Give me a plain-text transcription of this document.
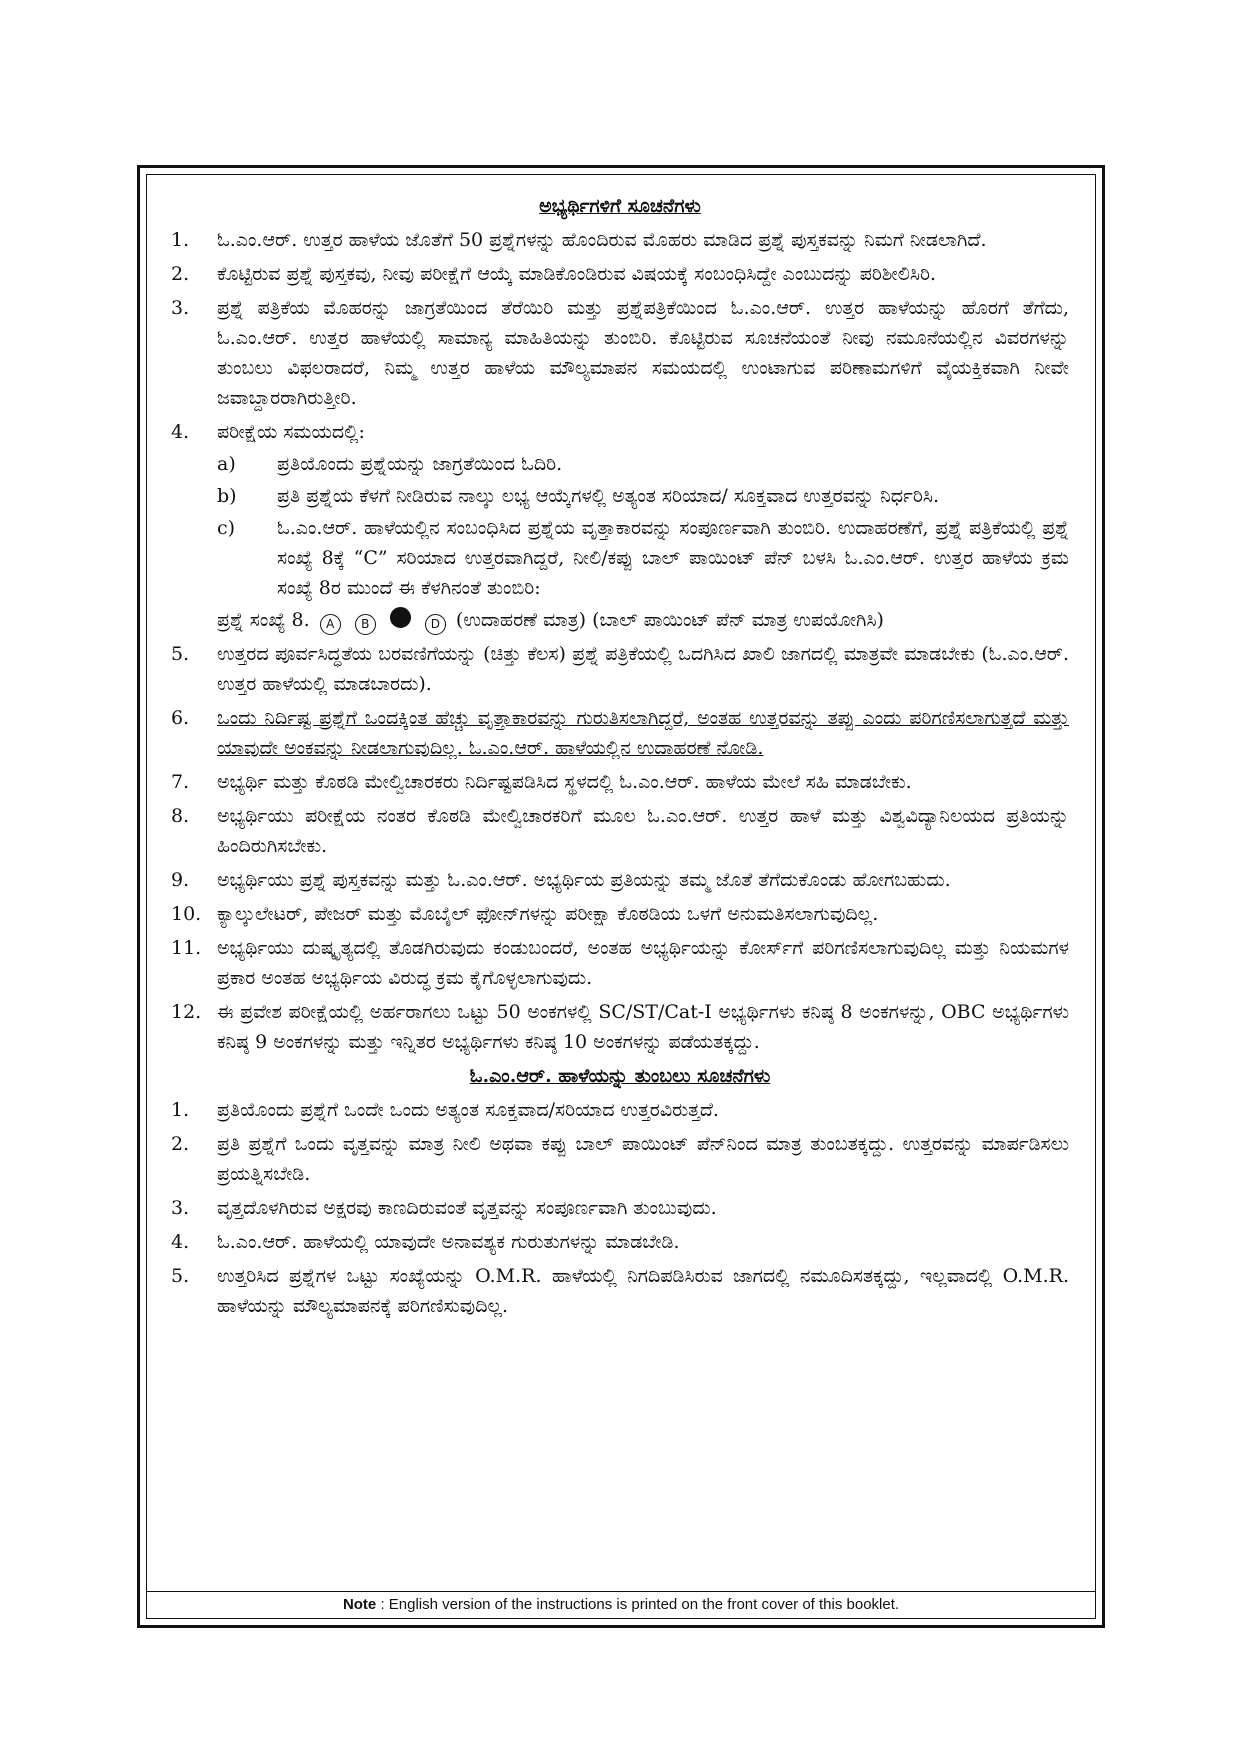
ಅಭ್ಯರ್ಥಿಗಳಿಗೆ ಸೂಚನೆಗಳು
1. ಓ.ಎಂ.ಆರ್. ಉತ್ತರ ಹಾಳೆಯ ಜೊತೆಗೆ 50 ಪ್ರಶ್ನೆಗಳನ್ನು ಹೊಂದಿರುವ ಮೊಹರು ಮಾಡಿದ ಪ್ರಶ್ನೆ ಪುಸ್ತಕವನ್ನು ನಿಮಗೆ ನೀಡಲಾಗಿದೆ.
2. ಕೊಟ್ಟಿರುವ ಪ್ರಶ್ನೆ ಪುಸ್ತಕವು, ನೀವು ಪರೀಕ್ಷೆಗೆ ಆಯ್ಕೆ ಮಾಡಿಕೊಂಡಿರುವ ವಿಷಯಕ್ಕೆ ಸಂಬಂಧಿಸಿದ್ದೇ ಎಂಬುದನ್ನು ಪರಿಶೀಲಿಸಿರಿ.
3. ಪ್ರಶ್ನೆ ಪತ್ರಿಕೆಯ ಮೊಹರನ್ನು ಜಾಗ್ರತೆಯಿಂದ ತೆರೆಯಿರಿ ಮತ್ತು ಪ್ರಶ್ನೆಪತ್ರಿಕೆಯಿಂದ ಓ.ಎಂ.ಆರ್. ಉತ್ತರ ಹಾಳೆಯನ್ನು ಹೊರಗೆ ತೆಗೆದು, ಓ.ಎಂ.ಆರ್. ಉತ್ತರ ಹಾಳೆಯಲ್ಲಿ ಸಾಮಾನ್ಯ ಮಾಹಿತಿಯನ್ನು ತುಂಬಿರಿ. ಕೊಟ್ಟಿರುವ ಸೂಚನೆಯಂತೆ ನೀವು ನಮೂನೆಯಲ್ಲಿನ ವಿವರಗಳನ್ನು ತುಂಬಲು ವಿಫಲರಾದರೆ, ನಿಮ್ಮ ಉತ್ತರ ಹಾಳೆಯ ಮೌಲ್ಯಮಾಪನ ಸಮಯದಲ್ಲಿ ಉಂಟಾಗುವ ಪರಿಣಾಮಗಳಿಗೆ ವೈಯಕ್ತಿಕವಾಗಿ ನೀವೇ ಜವಾಬ್ದಾರರಾಗಿರುತ್ತೀರಿ.
4. ಪರೀಕ್ಷೆಯ ಸಮಯದಲ್ಲಿ:
a) ಪ್ರತಿಯೊಂದು ಪ್ರಶ್ನೆಯನ್ನು ಜಾಗ್ರತೆಯಿಂದ ಓದಿರಿ.
b) ಪ್ರತಿ ಪ್ರಶ್ನೆಯ ಕೆಳಗೆ ನೀಡಿರುವ ನಾಲ್ಕು ಲಭ್ಯ ಆಯ್ಕೆಗಳಲ್ಲಿ ಅತ್ಯಂತ ಸರಿಯಾದ/ ಸೂಕ್ತವಾದ ಉತ್ತರವನ್ನು ನಿರ್ಧರಿಸಿ.
c) ಓ.ಎಂ.ಆರ್. ಹಾಳೆಯಲ್ಲಿನ ಸಂಬಂಧಿಸಿದ ಪ್ರಶ್ನೆಯ ವೃತ್ತಾಕಾರವನ್ನು ಸಂಪೂರ್ಣವಾಗಿ ತುಂಬಿರಿ. ಉದಾಹರಣೆಗೆ, ಪ್ರಶ್ನೆ ಪತ್ರಿಕೆಯಲ್ಲಿ ಪ್ರಶ್ನೆ ಸಂಖ್ಯೆ 8ಕ್ಕೆ “C” ಸರಿಯಾದ ಉತ್ತರವಾಗಿದ್ದರೆ, ನೀಲಿ/ಕಪ್ಪು ಬಾಲ್ ಪಾಯಿಂಟ್ ಪೆನ್ ಬಳಸಿ ಓ.ಎಂ.ಆರ್. ಉತ್ತರ ಹಾಳೆಯ ಕ್ರಮ ಸಂಖ್ಯೆ 8ರ ಮುಂದೆ ಈ ಕೆಳಗಿನಂತೆ ತುಂಬಿರಿ:
ಪ್ರಶ್ನೆ ಸಂಖ್ಯೆ 8. A B	D (ಉದಾಹರಣೆ ಮಾತ್ರ) (ಬಾಲ್ ಪಾಯಿಂಟ್ ಪೆನ್ ಮಾತ್ರ ಉಪಯೋಗಿಸಿ)
5. ಉತ್ತರದ ಪೂರ್ವಸಿದ್ಧತೆಯ ಬರವಣಿಗೆಯನ್ನು (ಚಿತ್ತು ಕೆಲಸ) ಪ್ರಶ್ನೆ ಪತ್ರಿಕೆಯಲ್ಲಿ ಒದಗಿಸಿದ ಖಾಲಿ ಜಾಗದಲ್ಲಿ ಮಾತ್ರವೇ ಮಾಡಬೇಕು (ಓ.ಎಂ.ಆರ್. ಉತ್ತರ ಹಾಳೆಯಲ್ಲಿ ಮಾಡಬಾರದು).
6. ಒಂದು ನಿರ್ದಿಷ್ಟ ಪ್ರಶ್ನೆಗೆ ಒಂದಕ್ಕಿಂತ ಹೆಚ್ಚು ವೃತ್ತಾಕಾರವನ್ನು ಗುರುತಿಸಲಾಗಿದ್ದರೆ, ಅಂತಹ ಉತ್ತರವನ್ನು ತಪ್ಪು ಎಂದು ಪರಿಗಣಿಸಲಾಗುತ್ತದೆ ಮತ್ತು ಯಾವುದೇ ಅಂಕವನ್ನು ನೀಡಲಾಗುವುದಿಲ್ಲ. ಓ.ಎಂ.ಆರ್. ಹಾಳೆಯಲ್ಲಿನ ಉದಾಹರಣೆ ನೋಡಿ.
7. ಅಭ್ಯರ್ಥಿ ಮತ್ತು ಕೊಠಡಿ ಮೇಲ್ವಿಚಾರಕರು ನಿರ್ದಿಷ್ಟಪಡಿಸಿದ ಸ್ಥಳದಲ್ಲಿ ಓ.ಎಂ.ಆರ್. ಹಾಳೆಯ ಮೇಲೆ ಸಹಿ ಮಾಡಬೇಕು.
8. ಅಭ್ಯರ್ಥಿಯು ಪರೀಕ್ಷೆಯ ನಂತರ ಕೊಠಡಿ ಮೇಲ್ವಿಚಾರಕರಿಗೆ ಮೂಲ ಓ.ಎಂ.ಆರ್. ಉತ್ತರ ಹಾಳೆ ಮತ್ತು ವಿಶ್ವವಿದ್ಯಾನಿಲಯದ ಪ್ರತಿಯನ್ನು ಹಿಂದಿರುಗಿಸಬೇಕು.
9. ಅಭ್ಯರ್ಥಿಯು ಪ್ರಶ್ನೆ ಪುಸ್ತಕವನ್ನು ಮತ್ತು ಓ.ಎಂ.ಆರ್. ಅಭ್ಯರ್ಥಿಯ ಪ್ರತಿಯನ್ನು ತಮ್ಮ ಜೊತೆ ತೆಗೆದುಕೊಂಡು ಹೋಗಬಹುದು.
10. ಕ್ಯಾಲ್ಕುಲೇಟರ್, ಪೇಜರ್ ಮತ್ತು ಮೊಬೈಲ್ ಫೋನ್‌ಗಳನ್ನು ಪರೀಕ್ಷಾ ಕೊಠಡಿಯ ಒಳಗೆ ಅನುಮತಿಸಲಾಗುವುದಿಲ್ಲ.
11. ಅಭ್ಯರ್ಥಿಯು ದುಷ್ಕೃತ್ಯದಲ್ಲಿ ತೊಡಗಿರುವುದು ಕಂಡುಬಂದರೆ, ಅಂತಹ ಅಭ್ಯರ್ಥಿಯನ್ನು ಕೋರ್ಸ್‌ಗೆ ಪರಿಗಣಿಸಲಾಗುವುದಿಲ್ಲ ಮತ್ತು ನಿಯಮಗಳ ಪ್ರಕಾರ ಅಂತಹ ಅಭ್ಯರ್ಥಿಯ ವಿರುದ್ಧ ಕ್ರಮ ಕೈಗೊಳ್ಳಲಾಗುವುದು.
12. ಈ ಪ್ರವೇಶ ಪರೀಕ್ಷೆಯಲ್ಲಿ ಅರ್ಹರಾಗಲು ಒಟ್ಟು 50 ಅಂಕಗಳಲ್ಲಿ SC/ST/Cat-I ಅಭ್ಯರ್ಥಿಗಳು ಕನಿಷ್ಠ 8 ಅಂಕಗಳನ್ನು, OBC ಅಭ್ಯರ್ಥಿಗಳು ಕನಿಷ್ಠ 9 ಅಂಕಗಳನ್ನು ಮತ್ತು ಇನ್ನಿತರ ಅಭ್ಯರ್ಥಿಗಳು ಕನಿಷ್ಠ 10 ಅಂಕಗಳನ್ನು ಪಡೆಯತಕ್ಕದ್ದು.
ಓ.ಎಂ.ಆರ್. ಹಾಳೆಯನ್ನು ತುಂಬಲು ಸೂಚನೆಗಳು
1. ಪ್ರತಿಯೊಂದು ಪ್ರಶ್ನೆಗೆ ಒಂದೇ ಒಂದು ಅತ್ಯಂತ ಸೂಕ್ತವಾದ/ಸರಿಯಾದ ಉತ್ತರವಿರುತ್ತದೆ.
2. ಪ್ರತಿ ಪ್ರಶ್ನೆಗೆ ಒಂದು ವೃತ್ತವನ್ನು ಮಾತ್ರ ನೀಲಿ ಅಥವಾ ಕಪ್ಪು ಬಾಲ್ ಪಾಯಿಂಟ್ ಪೆನ್‌ನಿಂದ ಮಾತ್ರ ತುಂಬತಕ್ಕದ್ದು. ಉತ್ತರವನ್ನು ಮಾರ್ಪಡಿಸಲು ಪ್ರಯತ್ನಿಸಬೇಡಿ.
3. ವೃತ್ತದೊಳಗಿರುವ ಅಕ್ಷರವು ಕಾಣದಿರುವಂತೆ ವೃತ್ತವನ್ನು ಸಂಪೂರ್ಣವಾಗಿ ತುಂಬುವುದು.
4. ಓ.ಎಂ.ಆರ್. ಹಾಳೆಯಲ್ಲಿ ಯಾವುದೇ ಅನಾವಶ್ಯಕ ಗುರುತುಗಳನ್ನು ಮಾಡಬೇಡಿ.
5. ಉತ್ತರಿಸಿದ ಪ್ರಶ್ನೆಗಳ ಒಟ್ಟು ಸಂಖ್ಯೆಯನ್ನು O.M.R. ಹಾಳೆಯಲ್ಲಿ ನಿಗದಿಪಡಿಸಿರುವ ಜಾಗದಲ್ಲಿ ನಮೂದಿಸತಕ್ಕದ್ದು, ಇಲ್ಲವಾದಲ್ಲಿ O.M.R. ಹಾಳೆಯನ್ನು ಮೌಲ್ಯಮಾಪನಕ್ಕೆ ಪರಿಗಣಿಸುವುದಿಲ್ಲ.
Note : English version of the instructions is printed on the front cover of this booklet.
